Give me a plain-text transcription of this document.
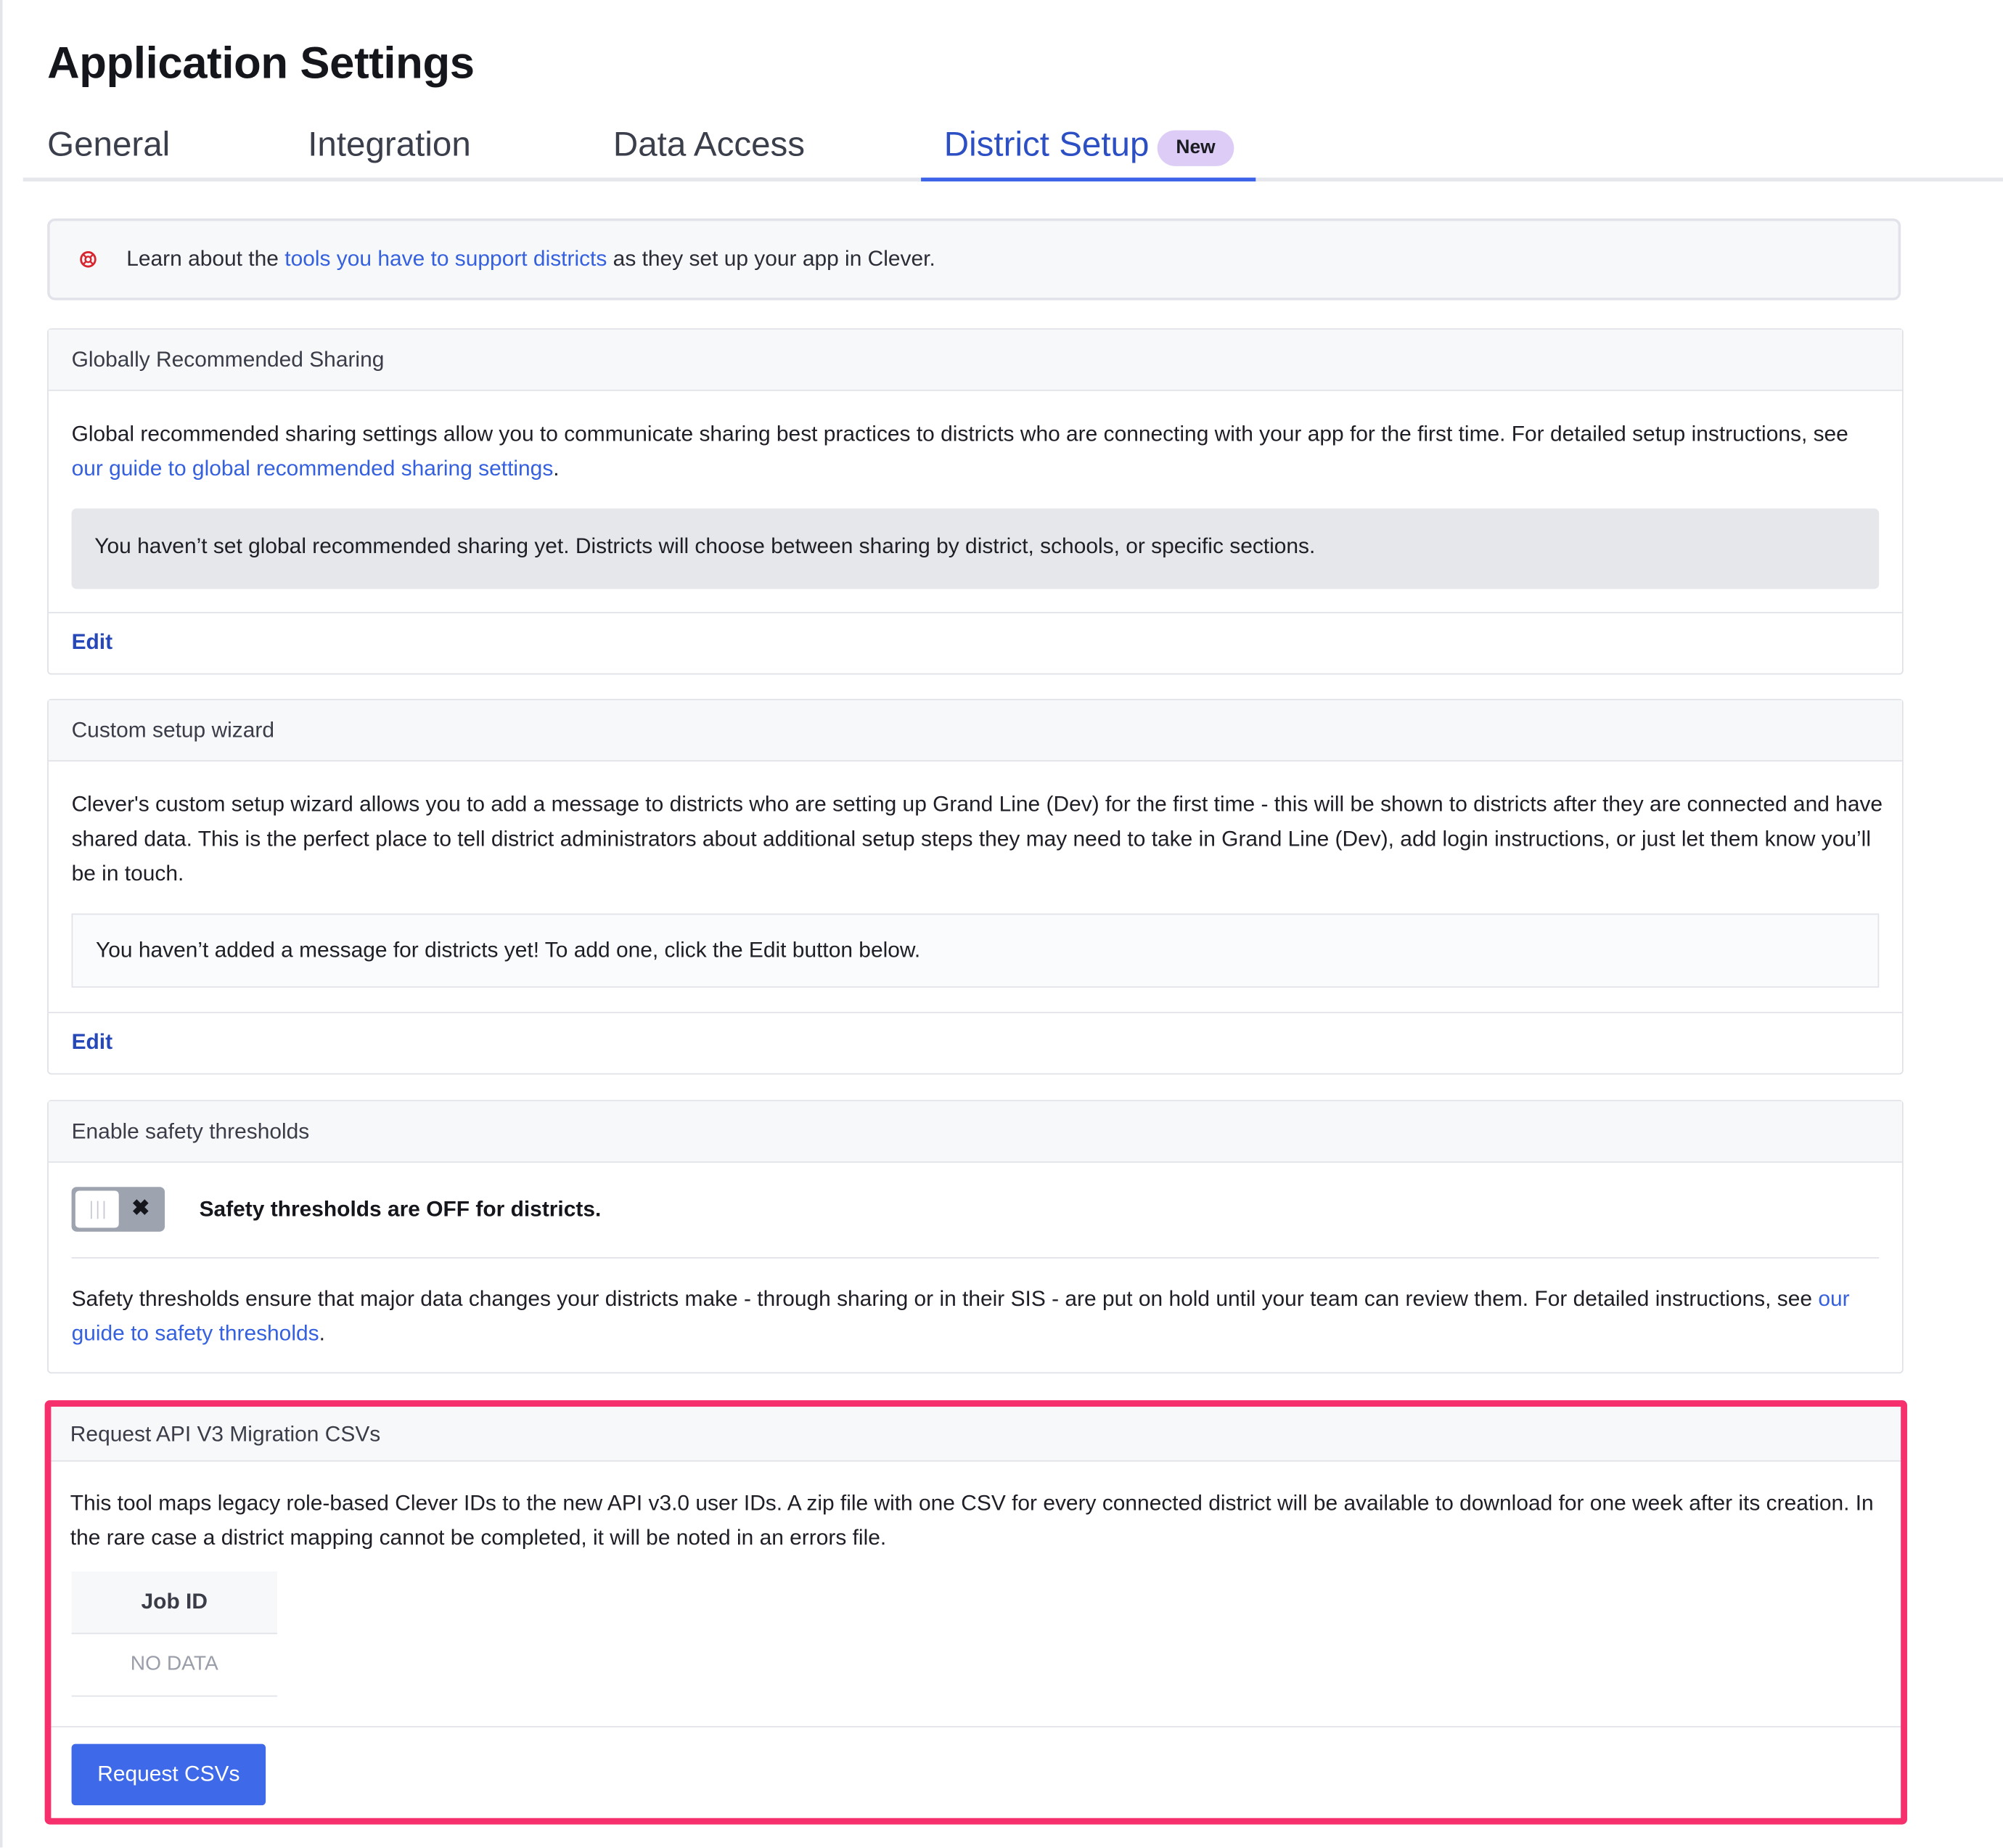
Application Settings
General	Integration	Data Access	District Setup	New
Learn about the tools you have to support districts as they set up your app in Clever.
Globally Recommended Sharing
Global recommended sharing settings allow you to communicate sharing best practices to districts who are connecting with your app for the first time. For detailed setup instructions, see our guide to global recommended sharing settings.
You haven’t set global recommended sharing yet. Districts will choose between sharing by district, schools, or specific sections.
Edit
Custom setup wizard
Clever's custom setup wizard allows you to add a message to districts who are setting up Grand Line (Dev) for the first time - this will be shown to districts after they are connected and have shared data. This is the perfect place to tell district administrators about additional setup steps they may need to take in Grand Line (Dev), add login instructions, or just let them know you’ll be in touch.
You haven’t added a message for districts yet! To add one, click the Edit button below.
Edit
Enable safety thresholds
✖	Safety thresholds are OFF for districts.
Safety thresholds ensure that major data changes your districts make - through sharing or in their SIS - are put on hold until your team can review them. For detailed instructions, see our guide to safety thresholds.
Request API V3 Migration CSVs
This tool maps legacy role-based Clever IDs to the new API v3.0 user IDs. A zip file with one CSV for every connected district will be available to download for one week after its creation. In the rare case a district mapping cannot be completed, it will be noted in an errors file.
Job ID
NO DATA
Request CSVs
